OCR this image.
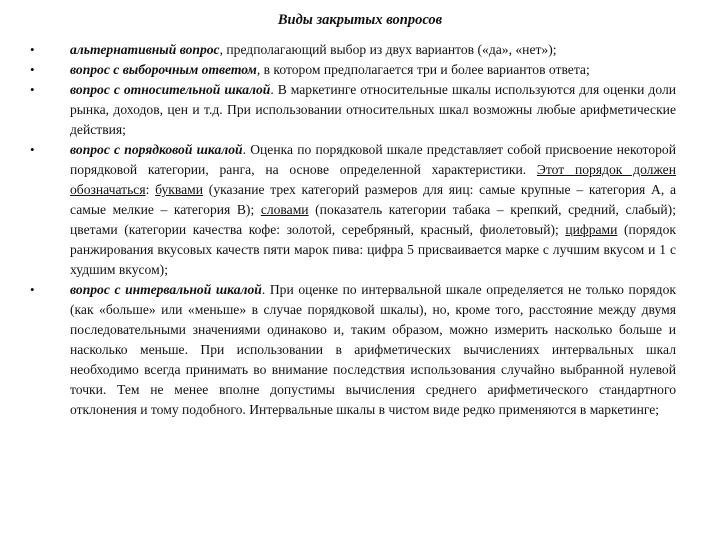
Виды закрытых вопросов
• альтернативный вопрос, предполагающий выбор из двух вариантов («да», «нет»);
• вопрос с выборочным ответом, в котором предполагается три и более вариантов ответа;
• вопрос с относительной шкалой. В маркетинге относительные шкалы используются для оценки доли рынка, доходов, цен и т.д. При использовании относительных шкал возможны любые арифметические действия;
• вопрос с порядковой шкалой. Оценка по порядковой шкале представляет собой присвоение некоторой порядковой категории, ранга, на основе определенной характеристики. Этот порядок должен обозначаться: буквами (указание трех категорий размеров для яиц: самые крупные – категория А, а самые мелкие – категория В); словами (показатель категории табака – крепкий, средний, слабый); цветами (категории качества кофе: золотой, серебряный, красный, фиолетовый); цифрами (порядок ранжирования вкусовых качеств пяти марок пива: цифра 5 присваивается марке с лучшим вкусом и 1 с худшим вкусом);
• вопрос с интервальной шкалой. При оценке по интервальной шкале определяется не только порядок (как «больше» или «меньше» в случае порядковой шкалы), но, кроме того, расстояние между двумя последовательными значениями одинаково и, таким образом, можно измерить насколько больше и насколько меньше. При использовании в арифметических вычислениях интервальных шкал необходимо всегда принимать во внимание последствия использования случайно выбранной нулевой точки. Тем не менее вполне допустимы вычисления среднего арифметического стандартного отклонения и тому подобного. Интервальные шкалы в чистом виде редко применяются в маркетинге;
